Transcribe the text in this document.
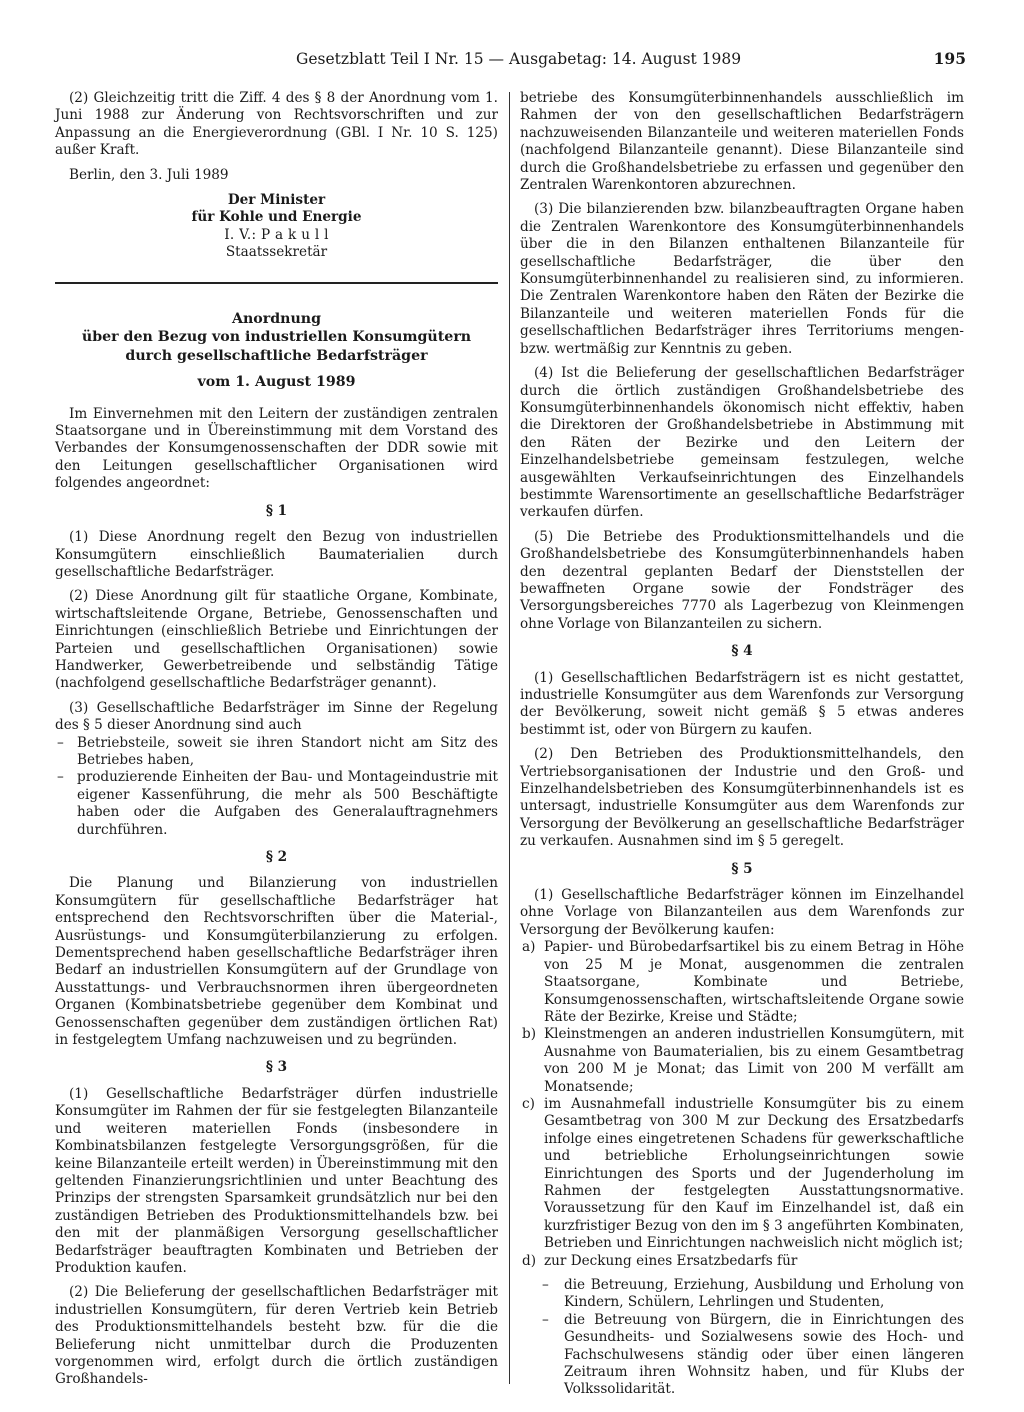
Gesetzblatt Teil I Nr. 15 — Ausgabetag: 14. August 1989	195

(2) Gleichzeitig tritt die Ziff. 4 des § 8 der Anordnung vom 1. Juni 1988 zur Änderung von Rechtsvorschriften und zur Anpassung an die Energieverordnung (GBl. I Nr. 10 S. 125) außer Kraft.

Berlin, den 3. Juli 1989

Der Minister

für Kohle und Energie

I. V.: P a k u l l

Staatssekretär

Anordnung

über den Bezug von industriellen Konsumgütern

durch gesellschaftliche Bedarfsträger

vom 1. August 1989

Im Einvernehmen mit den Leitern der zuständigen zentralen Staatsorgane und in Übereinstimmung mit dem Vorstand des Verbandes der Konsumgenossenschaften der DDR sowie mit den Leitungen gesellschaftlicher Organisationen wird folgendes angeordnet:

§ 1

(1) Diese Anordnung regelt den Bezug von industriellen Konsumgütern einschließlich Baumaterialien durch gesellschaftliche Bedarfsträger.

(2) Diese Anordnung gilt für staatliche Organe, Kombinate, wirtschaftsleitende Organe, Betriebe, Genossenschaften und Einrichtungen (einschließlich Betriebe und Einrichtungen der Parteien und gesellschaftlichen Organisationen) sowie Handwerker, Gewerbetreibende und selbständig Tätige (nachfolgend gesellschaftliche Bedarfsträger genannt).

(3) Gesellschaftliche Bedarfsträger im Sinne der Regelung des § 5 dieser Anordnung sind auch

– Betriebsteile, soweit sie ihren Standort nicht am Sitz des Betriebes haben,
– produzierende Einheiten der Bau- und Montageindustrie mit eigener Kassenführung, die mehr als 500 Beschäftigte haben oder die Aufgaben des Generalauftragnehmers durchführen.

§ 2

Die Planung und Bilanzierung von industriellen Konsumgütern für gesellschaftliche Bedarfsträger hat entsprechend den Rechtsvorschriften über die Material-, Ausrüstungs- und Konsumgüterbilanzierung zu erfolgen. Dementsprechend haben gesellschaftliche Bedarfsträger ihren Bedarf an industriellen Konsumgütern auf der Grundlage von Ausstattungs- und Verbrauchsnormen ihren übergeordneten Organen (Kombinatsbetriebe gegenüber dem Kombinat und Genossenschaften gegenüber dem zuständigen örtlichen Rat) in festgelegtem Umfang nachzuweisen und zu begründen.

§ 3

(1) Gesellschaftliche Bedarfsträger dürfen industrielle Konsumgüter im Rahmen der für sie festgelegten Bilanzanteile und weiteren materiellen Fonds (insbesondere in Kombinatsbilanzen festgelegte Versorgungsgrößen, für die keine Bilanzanteile erteilt werden) in Übereinstimmung mit den geltenden Finanzierungsrichtlinien und unter Beachtung des Prinzips der strengsten Sparsamkeit grundsätzlich nur bei den zuständigen Betrieben des Produktionsmittelhandels bzw. bei den mit der planmäßigen Versorgung gesellschaftlicher Bedarfsträger beauftragten Kombinaten und Betrieben der Produktion kaufen.

(2) Die Belieferung der gesellschaftlichen Bedarfsträger mit industriellen Konsumgütern, für deren Vertrieb kein Betrieb des Produktionsmittelhandels besteht bzw. für die die Belieferung nicht unmittelbar durch die Produzenten vorgenommen wird, erfolgt durch die örtlich zuständigen Großhandels-

betriebe des Konsumgüterbinnenhandels ausschließlich im Rahmen der von den gesellschaftlichen Bedarfsträgern nachzuweisenden Bilanzanteile und weiteren materiellen Fonds (nachfolgend Bilanzanteile genannt). Diese Bilanzanteile sind durch die Großhandelsbetriebe zu erfassen und gegenüber den Zentralen Warenkontoren abzurechnen.

(3) Die bilanzierenden bzw. bilanzbeauftragten Organe haben die Zentralen Warenkontore des Konsumgüterbinnenhandels über die in den Bilanzen enthaltenen Bilanzanteile für gesellschaftliche Bedarfsträger, die über den Konsumgüterbinnenhandel zu realisieren sind, zu informieren. Die Zentralen Warenkontore haben den Räten der Bezirke die Bilanzanteile und weiteren materiellen Fonds für die gesellschaftlichen Bedarfsträger ihres Territoriums mengen- bzw. wertmäßig zur Kenntnis zu geben.

(4) Ist die Belieferung der gesellschaftlichen Bedarfsträger durch die örtlich zuständigen Großhandelsbetriebe des Konsumgüterbinnenhandels ökonomisch nicht effektiv, haben die Direktoren der Großhandelsbetriebe in Abstimmung mit den Räten der Bezirke und den Leitern der Einzelhandelsbetriebe gemeinsam festzulegen, welche ausgewählten Verkaufseinrichtungen des Einzelhandels bestimmte Warensortimente an gesellschaftliche Bedarfsträger verkaufen dürfen.

(5) Die Betriebe des Produktionsmittelhandels und die Großhandelsbetriebe des Konsumgüterbinnenhandels haben den dezentral geplanten Bedarf der Dienststellen der bewaffneten Organe sowie der Fondsträger des Versorgungsbereiches 7770 als Lagerbezug von Kleinmengen ohne Vorlage von Bilanzanteilen zu sichern.

§ 4

(1) Gesellschaftlichen Bedarfsträgern ist es nicht gestattet, industrielle Konsumgüter aus dem Warenfonds zur Versorgung der Bevölkerung, soweit nicht gemäß § 5 etwas anderes bestimmt ist, oder von Bürgern zu kaufen.

(2) Den Betrieben des Produktionsmittelhandels, den Vertriebsorganisationen der Industrie und den Groß- und Einzelhandelsbetrieben des Konsumgüterbinnenhandels ist es untersagt, industrielle Konsumgüter aus dem Warenfonds zur Versorgung der Bevölkerung an gesellschaftliche Bedarfsträger zu verkaufen. Ausnahmen sind im § 5 geregelt.

§ 5

(1) Gesellschaftliche Bedarfsträger können im Einzelhandel ohne Vorlage von Bilanzanteilen aus dem Warenfonds zur Versorgung der Bevölkerung kaufen:

a) Papier- und Bürobedarfsartikel bis zu einem Betrag in Höhe von 25 M je Monat, ausgenommen die zentralen Staatsorgane, Kombinate und Betriebe, Konsumgenossenschaften, wirtschaftsleitende Organe sowie Räte der Bezirke, Kreise und Städte;
b) Kleinstmengen an anderen industriellen Konsumgütern, mit Ausnahme von Baumaterialien, bis zu einem Gesamtbetrag von 200 M je Monat; das Limit von 200 M verfällt am Monatsende;
c) im Ausnahmefall industrielle Konsumgüter bis zu einem Gesamtbetrag von 300 M zur Deckung des Ersatzbedarfs infolge eines eingetretenen Schadens für gewerkschaftliche und betriebliche Erholungseinrichtungen sowie Einrichtungen des Sports und der Jugenderholung im Rahmen der festgelegten Ausstattungsnormative. Voraussetzung für den Kauf im Einzelhandel ist, daß ein kurzfristiger Bezug von den im § 3 angeführten Kombinaten, Betrieben und Einrichtungen nachweislich nicht möglich ist;
d) zur Deckung eines Ersatzbedarfs für
– die Betreuung, Erziehung, Ausbildung und Erholung von Kindern, Schülern, Lehrlingen und Studenten,
– die Betreuung von Bürgern, die in Einrichtungen des Gesundheits- und Sozialwesens sowie des Hoch- und Fachschulwesens ständig oder über einen längeren Zeitraum ihren Wohnsitz haben, und für Klubs der Volkssolidarität.
